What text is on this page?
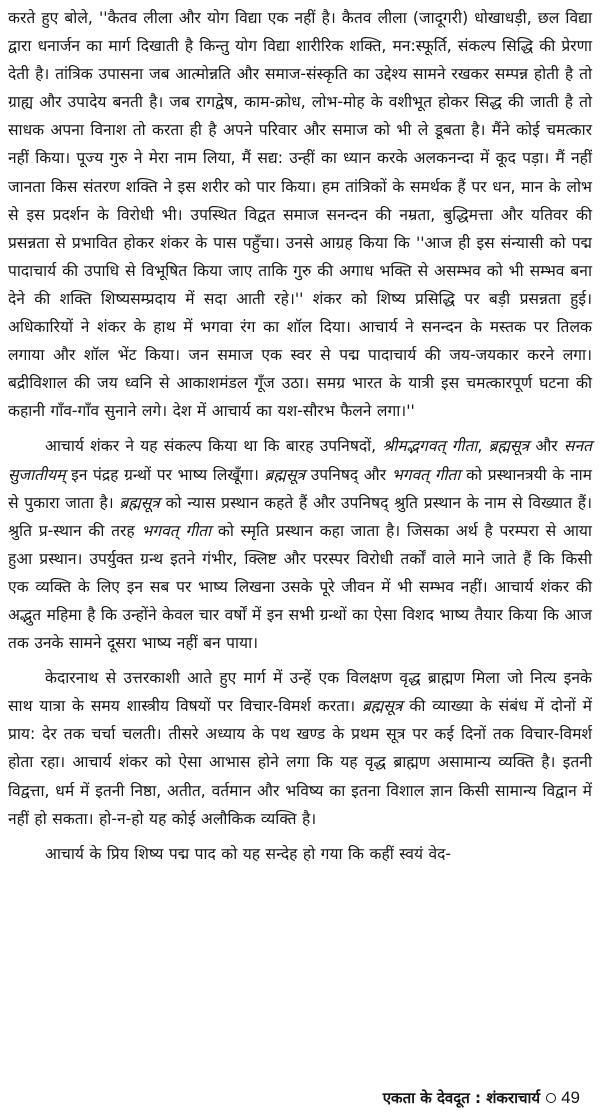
करते हुए बोले, ''कैतव लीला और योग विद्या एक नहीं है। कैतव लीला (जादूगरी) धोखाधड़ी, छल विद्या द्वारा धनार्जन का मार्ग दिखाती है किन्तु योग विद्या शारीरिक शक्ति, मन:स्फूर्ति, संकल्प सिद्धि की प्रेरणा देती है। तांत्रिक उपासना जब आत्मोन्नति और समाज-संस्कृति का उद्देश्य सामने रखकर सम्पन्न होती है तो ग्राह्य और उपादेय बनती है। जब रागद्वेष, काम-क्रोध, लोभ-मोह के वशीभूत होकर सिद्ध की जाती है तो साधक अपना विनाश तो करता ही है अपने परिवार और समाज को भी ले डूबता है। मैंने कोई चमत्कार नहीं किया। पूज्य गुरु ने मेरा नाम लिया, मैं सद्य: उन्हीं का ध्यान करके अलकनन्दा में कूद पड़ा। मैं नहीं जानता किस संतरण शक्ति ने इस शरीर को पार किया। हम तांत्रिकों के समर्थक हैं पर धन, मान के लोभ से इस प्रदर्शन के विरोधी भी। उपस्थित विद्वत समाज सनन्दन की नम्रता, बुद्धिमत्ता और यतिवर की प्रसन्नता से प्रभावित होकर शंकर के पास पहुँचा। उनसे आग्रह किया कि ''आज ही इस संन्यासी को पद्म पादाचार्य की उपाधि से विभूषित किया जाए ताकि गुरु की अगाध भक्ति से असम्भव को भी सम्भव बना देने की शक्ति शिष्यसम्प्रदाय में सदा आती रहे।'' शंकर को शिष्य प्रसिद्धि पर बड़ी प्रसन्नता हुई। अधिकारियों ने शंकर के हाथ में भगवा रंग का शॉल दिया। आचार्य ने सनन्दन के मस्तक पर तिलक लगाया और शॉल भेंट किया। जन समाज एक स्वर से पद्म पादाचार्य की जय-जयकार करने लगा। बद्रीविशाल की जय ध्वनि से आकाशमंडल गूँज उठा। समग्र भारत के यात्री इस चमत्कारपूर्ण घटना की कहानी गाँव-गाँव सुनाने लगे। देश में आचार्य का यश-सौरभ फैलने लगा।''

आचार्य शंकर ने यह संकल्प किया था कि बारह उपनिषदों, श्रीमद्भगवत् गीता, ब्रह्मसूत्र और सनत सुजातीयम् इन पंद्रह ग्रन्थों पर भाष्य लिखूँगा। ब्रह्मसूत्र उपनिषद् और भगवत् गीता को प्रस्थानत्रयी के नाम से पुकारा जाता है। ब्रह्मसूत्र को न्यास प्रस्थान कहते हैं और उपनिषद् श्रुति प्रस्थान के नाम से विख्यात हैं। श्रुति प्र-स्थान की तरह भगवत् गीता को स्मृति प्रस्थान कहा जाता है। जिसका अर्थ है परम्परा से आया हुआ प्रस्थान। उपर्युक्त ग्रन्थ इतने गंभीर, क्लिष्ट और परस्पर विरोधी तर्कों वाले माने जाते हैं कि किसी एक व्यक्ति के लिए इन सब पर भाष्य लिखना उसके पूरे जीवन में भी सम्भव नहीं। आचार्य शंकर की अद्भुत महिमा है कि उन्होंने केवल चार वर्षों में इन सभी ग्रन्थों का ऐसा विशद भाष्य तैयार किया कि आज तक उनके सामने दूसरा भाष्य नहीं बन पाया।

केदारनाथ से उत्तरकाशी आते हुए मार्ग में उन्हें एक विलक्षण वृद्ध ब्राह्मण मिला जो नित्य इनके साथ यात्रा के समय शास्त्रीय विषयों पर विचार-विमर्श करता। ब्रह्मसूत्र की व्याख्या के संबंध में दोनों में प्राय: देर तक चर्चा चलती। तीसरे अध्याय के पथ खण्ड के प्रथम सूत्र पर कई दिनों तक विचार-विमर्श होता रहा। आचार्य शंकर को ऐसा आभास होने लगा कि यह वृद्ध ब्राह्मण असामान्य व्यक्ति है। इतनी विद्वत्ता, धर्म में इतनी निष्ठा, अतीत, वर्तमान और भविष्य का इतना विशाल ज्ञान किसी सामान्य विद्वान में नहीं हो सकता। हो-न-हो यह कोई अलौकिक व्यक्ति है।

आचार्य के प्रिय शिष्य पद्म पाद को यह सन्देह हो गया कि कहीं स्वयं वेद-

एकता के देवदूत : शंकराचार्य 49
